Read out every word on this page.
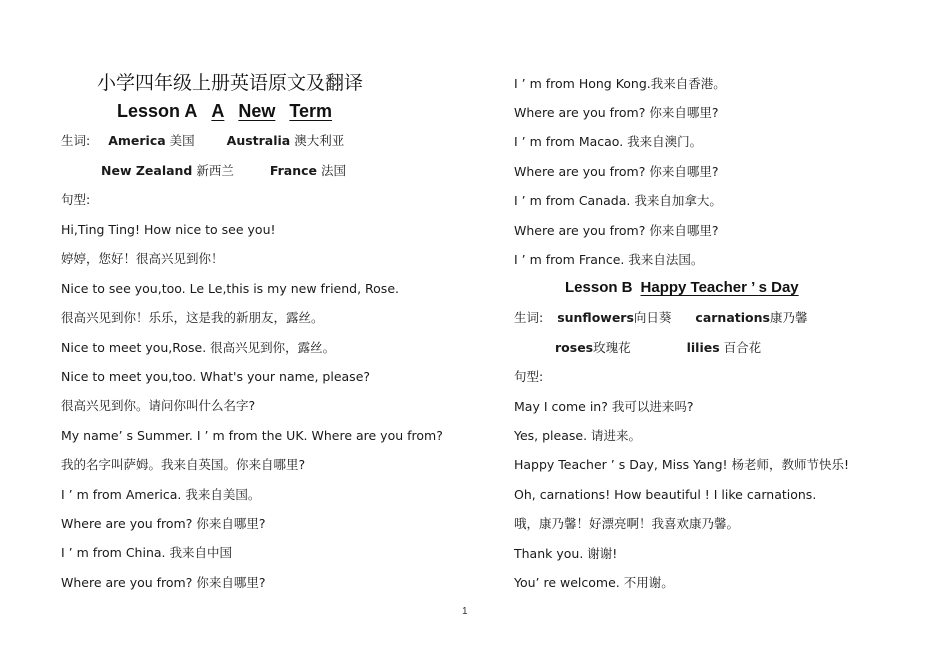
小学四年级上册英语原文及翻译
Lesson A A New Term
生词: America 美国	Australia 澳大利亚
New Zealand 新西兰	France 法国
句型:
Hi,Ting Ting! How nice to see you!
婷婷，您好！很高兴见到你！
Nice to see you,too. Le Le,this is my new friend, Rose.
很高兴见到你！乐乐，这是我的新朋友，露丝。
Nice to meet you,Rose. 很高兴见到你，露丝。
Nice to meet you,too. What's your name, please?
很高兴见到你。请问你叫什么名字?
My name’ s Summer. I ’ m from the UK. Where are you from?
我的名字叫萨姆。我来自英国。你来自哪里?
I ’ m from America. 我来自美国。
Where are you from? 你来自哪里?
I ’ m from China. 我来自中国
Where are you from? 你来自哪里?
I ’ m from Hong Kong.我来自香港。
Where are you from? 你来自哪里?
I ’ m from Macao. 我来自澳门。
Where are you from? 你来自哪里?
I ’ m from Canada. 我来自加拿大。
Where are you from? 你来自哪里?
I ’ m from France. 我来自法国。
Lesson B Happy Teacher ’ s Day
生词: sunflowers向日葵 carnations康乃馨
roses玫瑰花	lilies 百合花
句型:
May I come in? 我可以进来吗?
Yes, please. 请进来。
Happy Teacher ’ s Day, Miss Yang! 杨老师，教师节快乐!
Oh, carnations! How beautiful ! I like carnations.
哦，康乃馨！好漂亮啊！我喜欢康乃馨。
Thank you. 谢谢!
You’ re welcome. 不用谢。
1
